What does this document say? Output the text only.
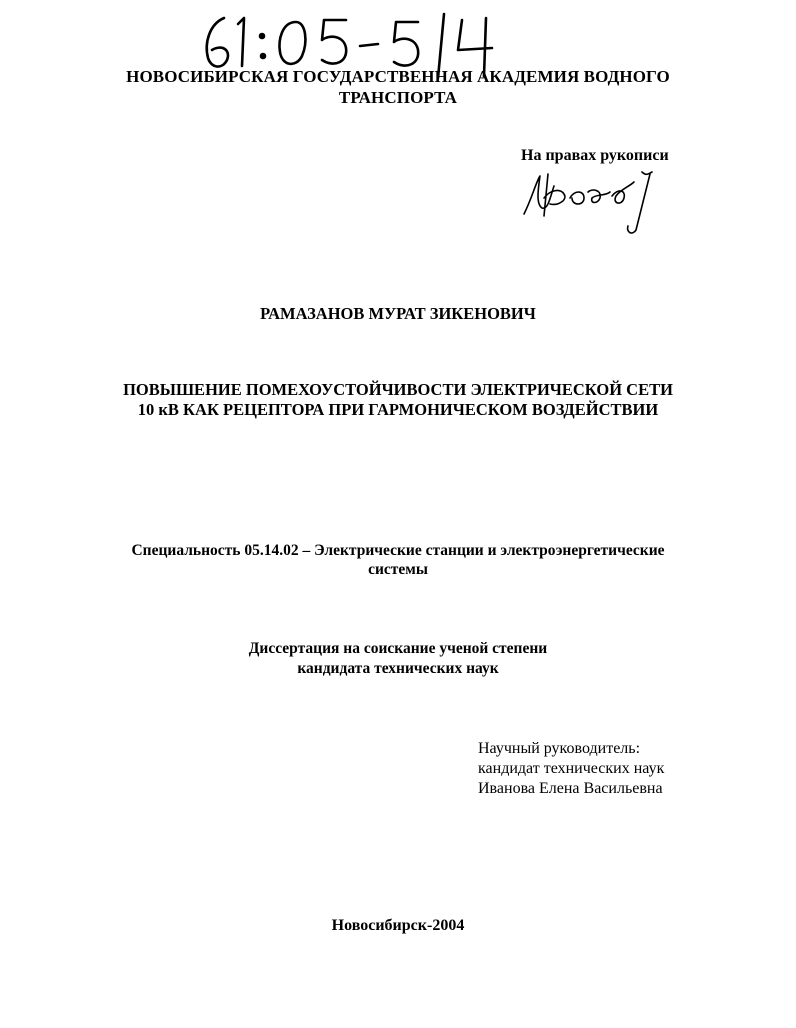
НОВОСИБИРСКАЯ ГОСУДАРСТВЕННАЯ АКАДЕМИЯ ВОДНОГО
ТРАНСПОРТА
На правах рукописи
РАМАЗАНОВ МУРАТ ЗИКЕНОВИЧ
ПОВЫШЕНИЕ ПОМЕХОУСТОЙЧИВОСТИ ЭЛЕКТРИЧЕСКОЙ СЕТИ
10 кВ КАК РЕЦЕПТОРА ПРИ ГАРМОНИЧЕСКОМ ВОЗДЕЙСТВИИ
Специальность 05.14.02 – Электрические станции и электроэнергетические
системы
Диссертация на соискание ученой степени
кандидата технических наук
Научный руководитель:
кандидат технических наук
Иванова Елена Васильевна
Новосибирск-2004
